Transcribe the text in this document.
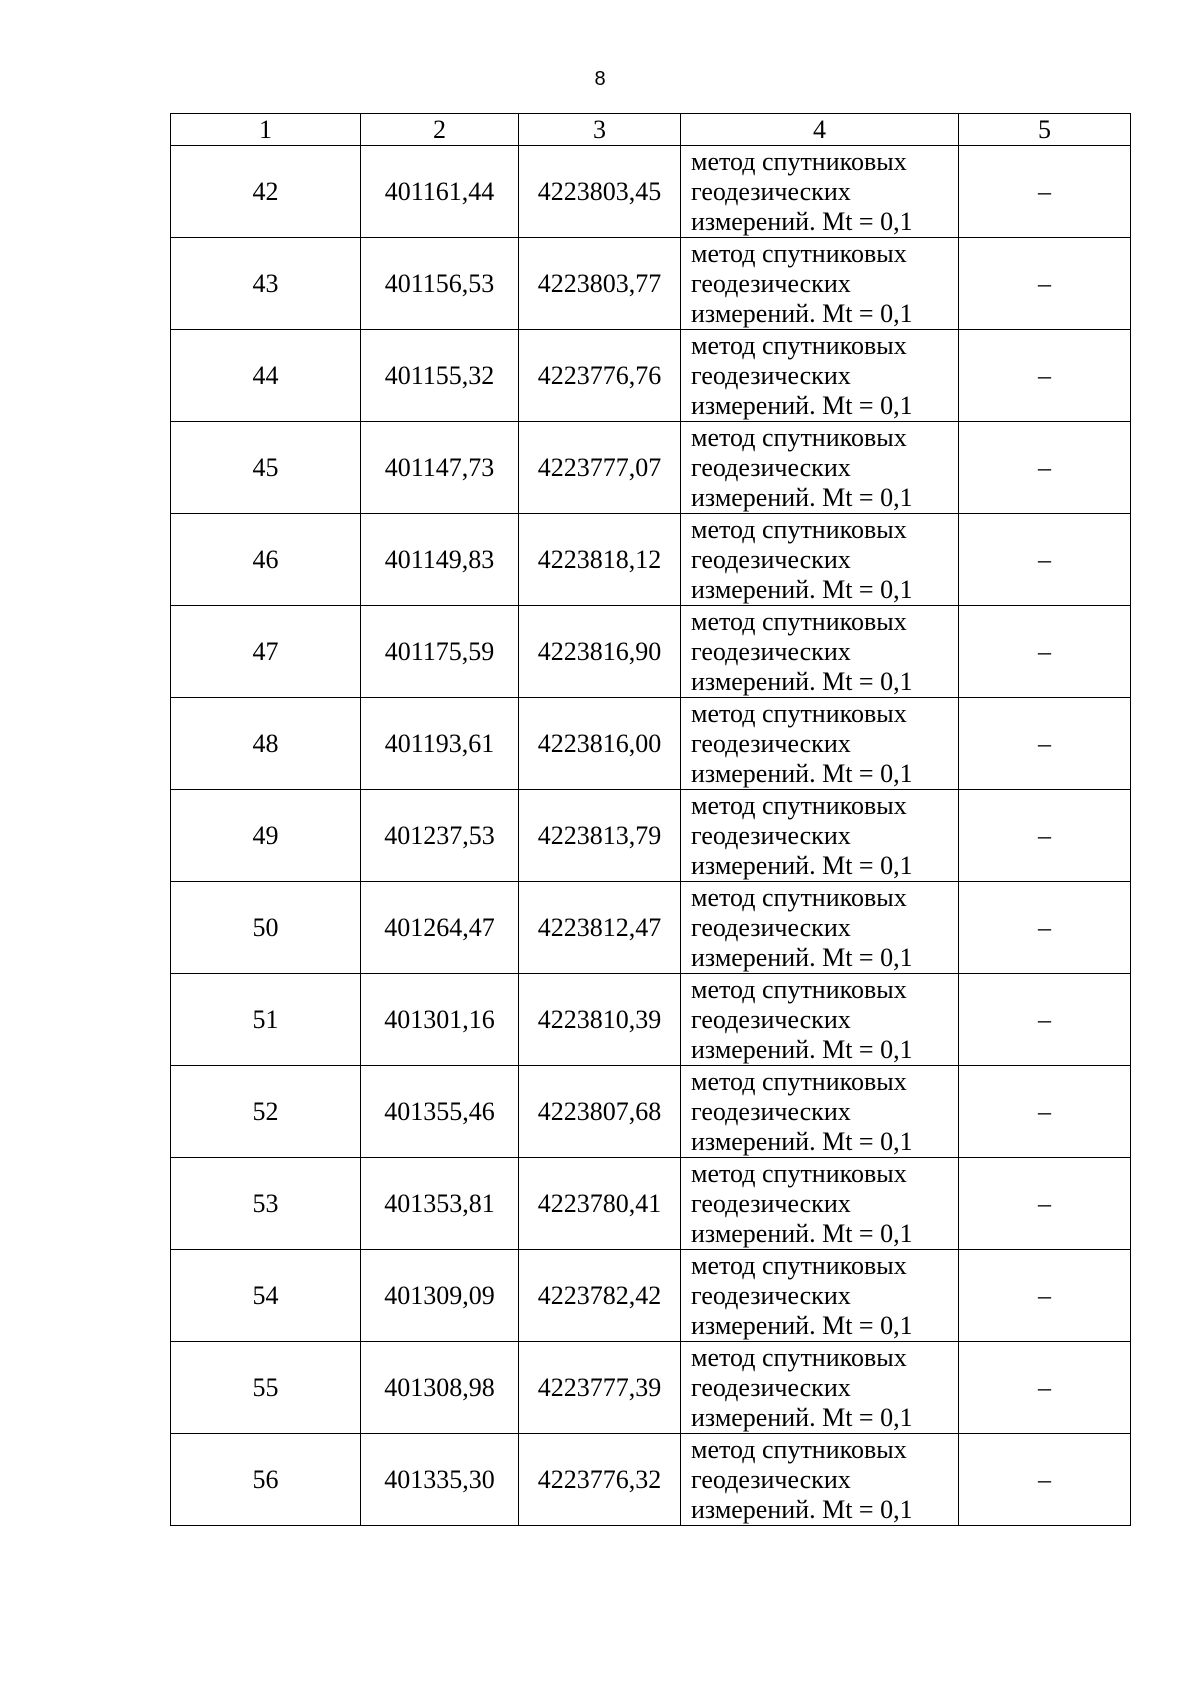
8
1	2	3	4	5
42	401161,44	4223803,45	метод спутниковых
геодезических
измерений. Mt = 0,1	–
43	401156,53	4223803,77	метод спутниковых
геодезических
измерений. Mt = 0,1	–
44	401155,32	4223776,76	метод спутниковых
геодезических
измерений. Mt = 0,1	–
45	401147,73	4223777,07	метод спутниковых
геодезических
измерений. Mt = 0,1	–
46	401149,83	4223818,12	метод спутниковых
геодезических
измерений. Mt = 0,1	–
47	401175,59	4223816,90	метод спутниковых
геодезических
измерений. Mt = 0,1	–
48	401193,61	4223816,00	метод спутниковых
геодезических
измерений. Mt = 0,1	–
49	401237,53	4223813,79	метод спутниковых
геодезических
измерений. Mt = 0,1	–
50	401264,47	4223812,47	метод спутниковых
геодезических
измерений. Mt = 0,1	–
51	401301,16	4223810,39	метод спутниковых
геодезических
измерений. Mt = 0,1	–
52	401355,46	4223807,68	метод спутниковых
геодезических
измерений. Mt = 0,1	–
53	401353,81	4223780,41	метод спутниковых
геодезических
измерений. Mt = 0,1	–
54	401309,09	4223782,42	метод спутниковых
геодезических
измерений. Mt = 0,1	–
55	401308,98	4223777,39	метод спутниковых
геодезических
измерений. Mt = 0,1	–
56	401335,30	4223776,32	метод спутниковых
геодезических
измерений. Mt = 0,1	–
